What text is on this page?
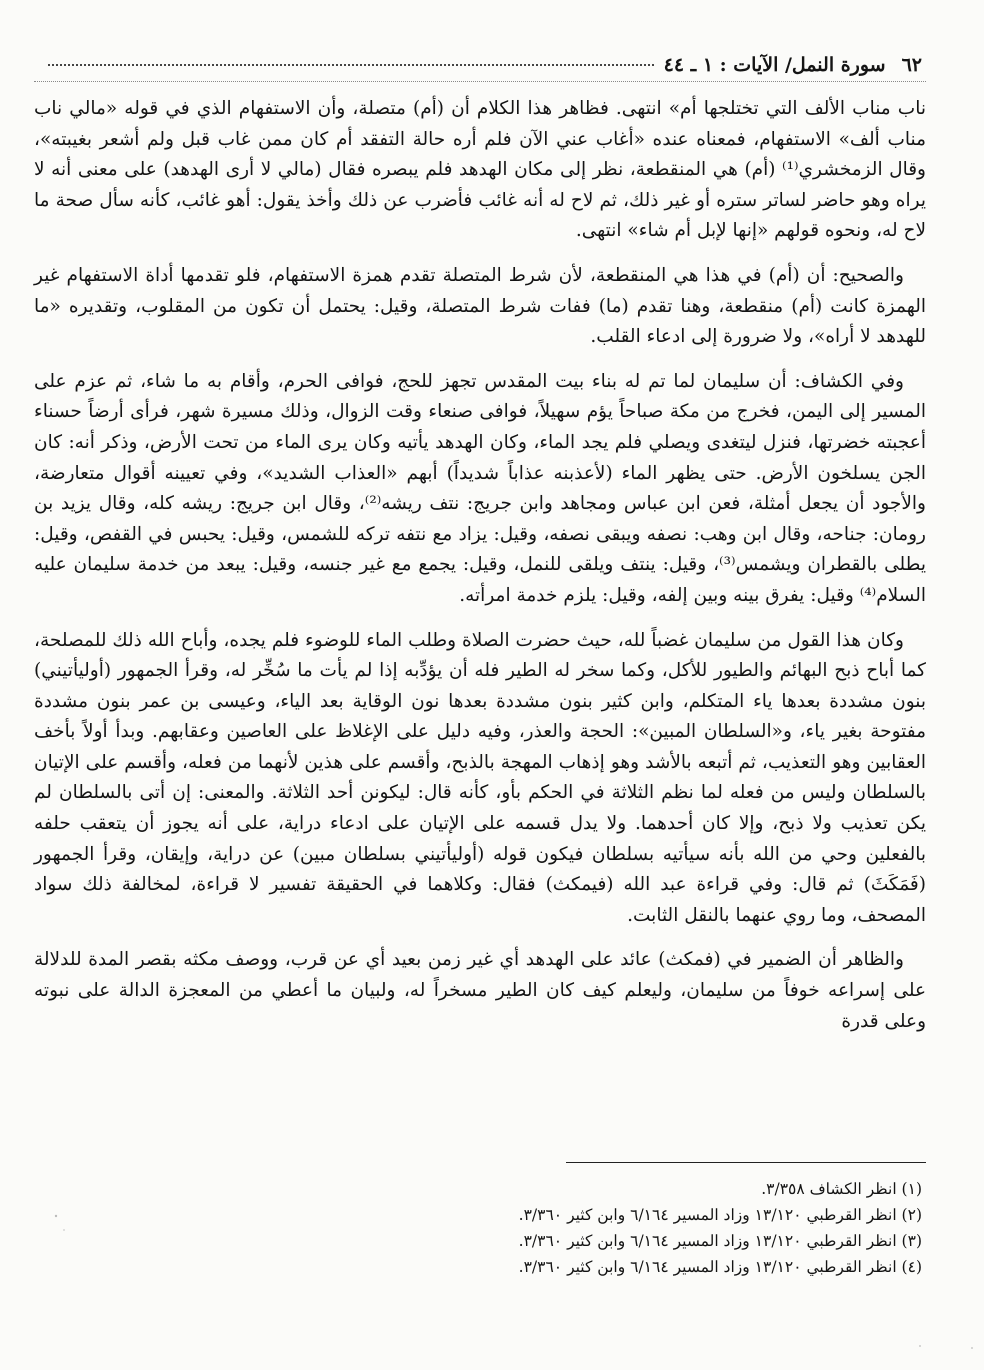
٦٢
سورة النمل/ الآيات : ١ ـ ٤٤

ناب مناب الألف التي تختلجها أم» انتهى. فظاهر هذا الكلام أن (أم) متصلة، وأن الاستفهام الذي في قوله «مالي ناب مناب ألف» الاستفهام، فمعناه عنده «أغاب عني الآن فلم أره حالة التفقد أم كان ممن غاب قبل ولم أشعر بغيبته»، وقال الزمخشري⁽¹⁾ (أم) هي المنقطعة، نظر إلى مكان الهدهد فلم يبصره فقال (مالي لا أرى الهدهد) على معنى أنه لا يراه وهو حاضر لساتر ستره أو غير ذلك، ثم لاح له أنه غائب فأضرب عن ذلك وأخذ يقول: أهو غائب، كأنه سأل صحة ما لاح له، ونحوه قولهم «إنها لإبل أم شاء» انتهى.

والصحيح: أن (أم) في هذا هي المنقطعة، لأن شرط المتصلة تقدم همزة الاستفهام، فلو تقدمها أداة الاستفهام غير الهمزة كانت (أم) منقطعة، وهنا تقدم (ما) ففات شرط المتصلة، وقيل: يحتمل أن تكون من المقلوب، وتقديره «ما للهدهد لا أراه»، ولا ضرورة إلى ادعاء القلب.

وفي الكشاف: أن سليمان لما تم له بناء بيت المقدس تجهز للحج، فوافى الحرم، وأقام به ما شاء، ثم عزم على المسير إلى اليمن، فخرج من مكة صباحاً يؤم سهيلاً، فوافى صنعاء وقت الزوال، وذلك مسيرة شهر، فرأى أرضاً حسناء أعجبته خضرتها، فنزل ليتغدى ويصلي فلم يجد الماء، وكان الهدهد يأتيه وكان يرى الماء من تحت الأرض، وذكر أنه: كان الجن يسلخون الأرض. حتى يظهر الماء (لأعذبنه عذاباً شديداً) أبهم «العذاب الشديد»، وفي تعيينه أقوال متعارضة، والأجود أن يجعل أمثلة، فعن ابن عباس ومجاهد وابن جريج: نتف ريشه⁽²⁾، وقال ابن جريج: ريشه كله، وقال يزيد بن رومان: جناحه، وقال ابن وهب: نصفه ويبقى نصفه، وقيل: يزاد مع نتفه تركه للشمس، وقيل: يحبس في القفص، وقيل: يطلى بالقطران ويشمس⁽³⁾، وقيل: ينتف ويلقى للنمل، وقيل: يجمع مع غير جنسه، وقيل: يبعد من خدمة سليمان عليه السلام⁽⁴⁾ وقيل: يفرق بينه وبين إلفه، وقيل: يلزم خدمة امرأته.

وكان هذا القول من سليمان غضباً لله، حيث حضرت الصلاة وطلب الماء للوضوء فلم يجده، وأباح الله ذلك للمصلحة، كما أباح ذبح البهائم والطيور للأكل، وكما سخر له الطير فله أن يؤدِّبه إذا لم يأت ما سُخِّر له، وقرأ الجمهور (أوليأتيني) بنون مشددة بعدها ياء المتكلم، وابن كثير بنون مشددة بعدها نون الوقاية بعد الياء، وعيسى بن عمر بنون مشددة مفتوحة بغير ياء، و«السلطان المبين»: الحجة والعذر، وفيه دليل على الإغلاظ على العاصين وعقابهم. وبدأ أولاً بأخف العقابين وهو التعذيب، ثم أتبعه بالأشد وهو إذهاب المهجة بالذبح، وأقسم على هذين لأنهما من فعله، وأقسم على الإتيان بالسلطان وليس من فعله لما نظم الثلاثة في الحكم بأو، كأنه قال: ليكونن أحد الثلاثة. والمعنى: إن أتى بالسلطان لم يكن تعذيب ولا ذبح، وإلا كان أحدهما. ولا يدل قسمه على الإتيان على ادعاء دراية، على أنه يجوز أن يتعقب حلفه بالفعلين وحي من الله بأنه سيأتيه بسلطان فيكون قوله (أوليأتيني بسلطان مبين) عن دراية، وإيقان، وقرأ الجمهور (فَمَكَثَ) ثم قال: وفي قراءة عبد الله (فيمكث) فقال: وكلاهما في الحقيقة تفسير لا قراءة، لمخالفة ذلك سواد المصحف، وما روي عنهما بالنقل الثابت.

والظاهر أن الضمير في (فمكث) عائد على الهدهد أي غير زمن بعيد أي عن قرب، ووصف مكثه بقصر المدة للدلالة على إسراعه خوفاً من سليمان، وليعلم كيف كان الطير مسخراً له، ولبيان ما أعطي من المعجزة الدالة على نبوته وعلى قدرة

(١) انظر الكشاف ٣/٣٥٨.

(٢) انظر القرطبي ١٣/١٢٠ وزاد المسير ٦/١٦٤ وابن كثير ٣/٣٦٠.

(٣) انظر القرطبي ١٣/١٢٠ وزاد المسير ٦/١٦٤ وابن كثير ٣/٣٦٠.

(٤) انظر القرطبي ١٣/١٢٠ وزاد المسير ٦/١٦٤ وابن كثير ٣/٣٦٠.
